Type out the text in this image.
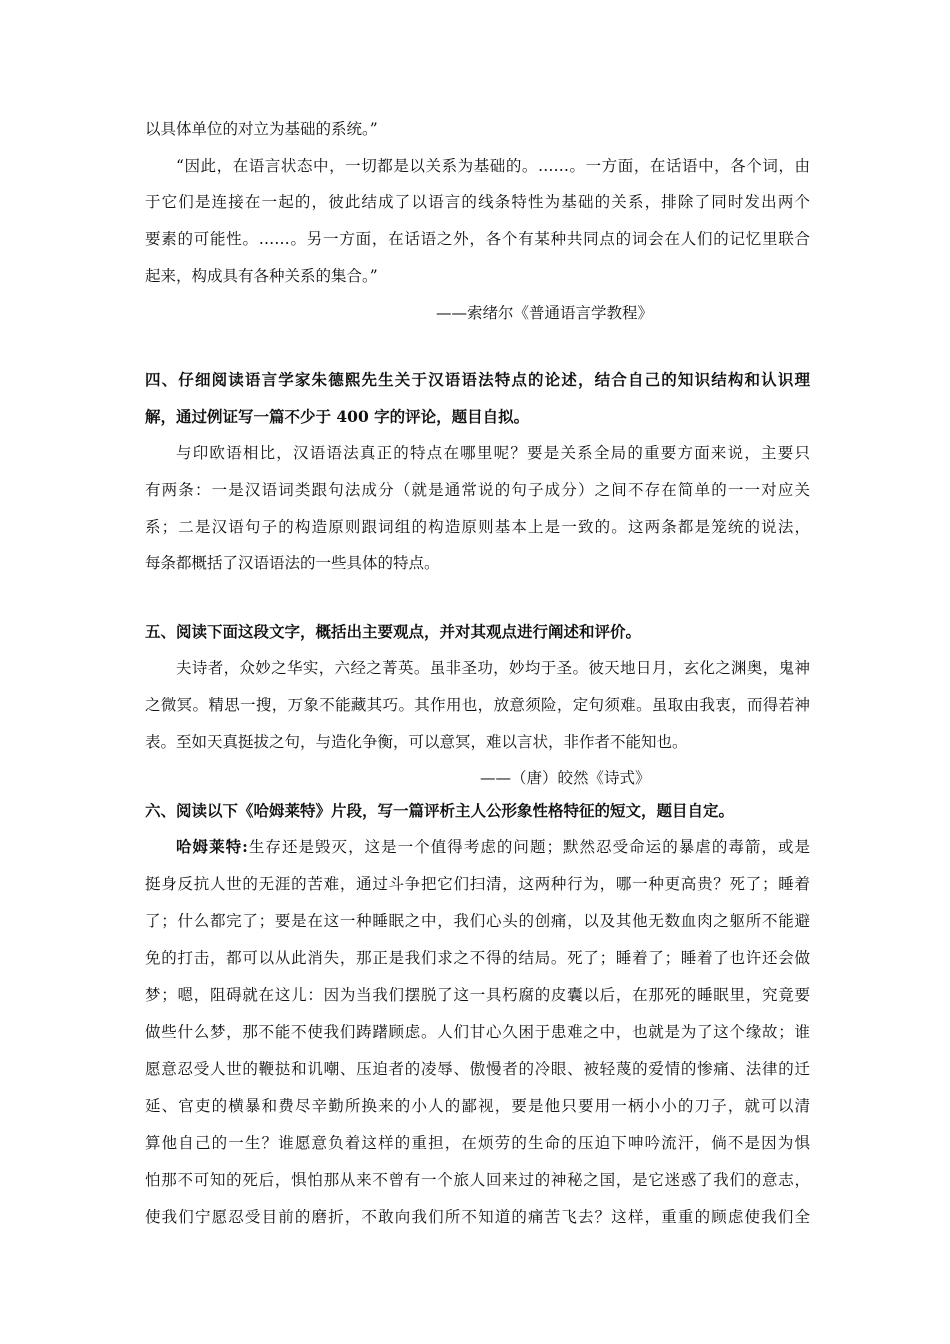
以具体单位的对立为基础的系统。”
“因此，在语言状态中，一切都是以关系为基础的。……。一方面，在话语中，各个词，由
于它们是连接在一起的，彼此结成了以语言的线条特性为基础的关系，排除了同时发出两个
要素的可能性。……。另一方面，在话语之外，各个有某种共同点的词会在人们的记忆里联合
起来，构成具有各种关系的集合。”
——索绪尔《普通语言学教程》
四、仔细阅读语言学家朱德熙先生关于汉语语法特点的论述，结合自己的知识结构和认识理
解，通过例证写一篇不少于 400 字的评论，题目自拟。
与印欧语相比，汉语语法真正的特点在哪里呢？要是关系全局的重要方面来说，主要只
有两条：一是汉语词类跟句法成分（就是通常说的句子成分）之间不存在简单的一一对应关
系；二是汉语句子的构造原则跟词组的构造原则基本上是一致的。这两条都是笼统的说法，
每条都概括了汉语语法的一些具体的特点。
五、阅读下面这段文字，概括出主要观点，并对其观点进行阐述和评价。
夫诗者，众妙之华实，六经之菁英。虽非圣功，妙均于圣。彼天地日月，玄化之渊奥，鬼神
之微冥。精思一搜，万象不能藏其巧。其作用也，放意须险，定句须难。虽取由我衷，而得若神
表。至如天真挺拔之句，与造化争衡，可以意冥，难以言状，非作者不能知也。
——（唐）皎然《诗式》
六、阅读以下《哈姆莱特》片段，写一篇评析主人公形象性格特征的短文，题目自定。
哈姆莱特:生存还是毁灭，这是一个值得考虑的问题；默然忍受命运的暴虐的毒箭，或是
挺身反抗人世的无涯的苦难，通过斗争把它们扫清，这两种行为，哪一种更高贵？死了；睡着
了；什么都完了；要是在这一种睡眠之中，我们心头的创痛，以及其他无数血肉之躯所不能避
免的打击，都可以从此消失，那正是我们求之不得的结局。死了；睡着了；睡着了也许还会做
梦；嗯，阻碍就在这儿：因为当我们摆脱了这一具朽腐的皮囊以后，在那死的睡眠里，究竟要
做些什么梦，那不能不使我们踌躇顾虑。人们甘心久困于患难之中，也就是为了这个缘故；谁
愿意忍受人世的鞭挞和讥嘲、压迫者的凌辱、傲慢者的冷眼、被轻蔑的爱情的惨痛、法律的迁
延、官吏的横暴和费尽辛勤所换来的小人的鄙视，要是他只要用一柄小小的刀子，就可以清
算他自己的一生？谁愿意负着这样的重担，在烦劳的生命的压迫下呻吟流汗，倘不是因为惧
怕那不可知的死后，惧怕那从来不曾有一个旅人回来过的神秘之国，是它迷惑了我们的意志，
使我们宁愿忍受目前的磨折，不敢向我们所不知道的痛苦飞去？这样，重重的顾虑使我们全
